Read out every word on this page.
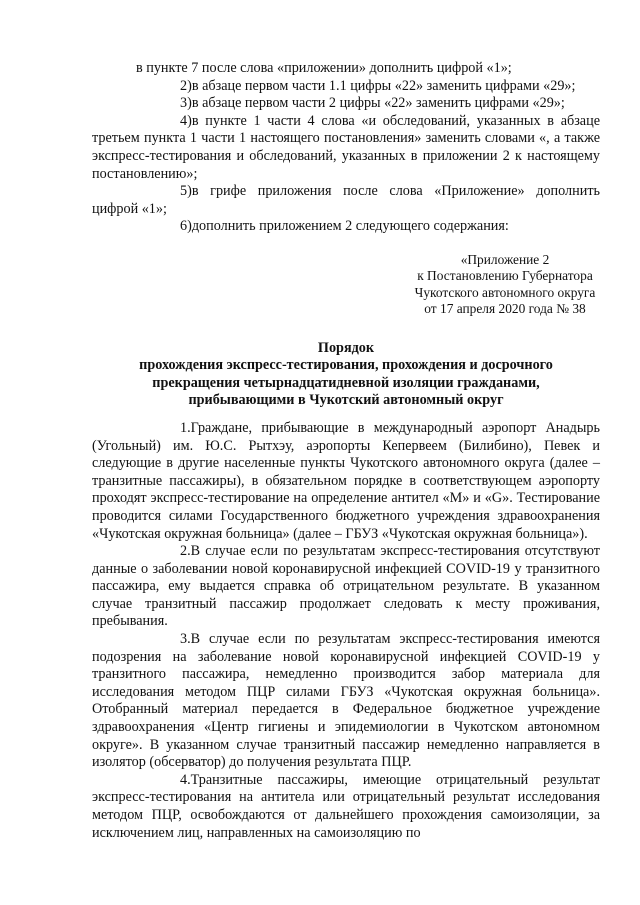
в пункте 7 после слова «приложении» дополнить цифрой «1»;

2)в абзаце первом части 1.1 цифры «22» заменить цифрами «29»;

3)в абзаце первом части 2 цифры «22» заменить цифрами «29»;

4)в пункте 1 части 4 слова «и обследований, указанных в абзаце третьем пункта 1 части 1 настоящего постановления» заменить словами «, а также экспресс-тестирования и обследований, указанных в приложении 2 к настоящему постановлению»;

5)в грифе приложения после слова «Приложение» дополнить цифрой «1»;

6)дополнить приложением 2 следующего содержания:

«Приложение 2
к Постановлению Губернатора
Чукотского автономного округа
от 17 апреля 2020 года № 38
Порядок
прохождения экспресс-тестирования, прохождения и досрочного
прекращения четырнадцатидневной изоляции гражданами,
прибывающими в Чукотский автономный округ

1.Граждане, прибывающие в международный аэропорт Анадырь (Угольный) им. Ю.С. Рытхэу, аэропорты Кепервеем (Билибино), Певек и следующие в другие населенные пункты Чукотского автономного округа (далее – транзитные пассажиры), в обязательном порядке в соответствующем аэропорту проходят экспресс-тестирование на определение антител «М» и «G». Тестирование проводится силами Государственного бюджетного учреждения здравоохранения «Чукотская окружная больница» (далее – ГБУЗ «Чукотская окружная больница»).

2.В случае если по результатам экспресс-тестирования отсутствуют данные о заболевании новой коронавирусной инфекцией COVID-19 у транзитного пассажира, ему выдается справка об отрицательном результате. В указанном случае транзитный пассажир продолжает следовать к месту проживания, пребывания.

3.В случае если по результатам экспресс-тестирования имеются подозрения на заболевание новой коронавирусной инфекцией COVID-19 у транзитного пассажира, немедленно производится забор материала для исследования методом ПЦР силами ГБУЗ «Чукотская окружная больница». Отобранный материал передается в Федеральное бюджетное учреждение здравоохранения «Центр гигиены и эпидемиологии в Чукотском автономном округе». В указанном случае транзитный пассажир немедленно направляется в изолятор (обсерватор) до получения результата ПЦР.

4.Транзитные пассажиры, имеющие отрицательный результат экспресс-тестирования на антитела или отрицательный результат исследования методом ПЦР, освобождаются от дальнейшего прохождения самоизоляции, за исключением лиц, направленных на самоизоляцию по
